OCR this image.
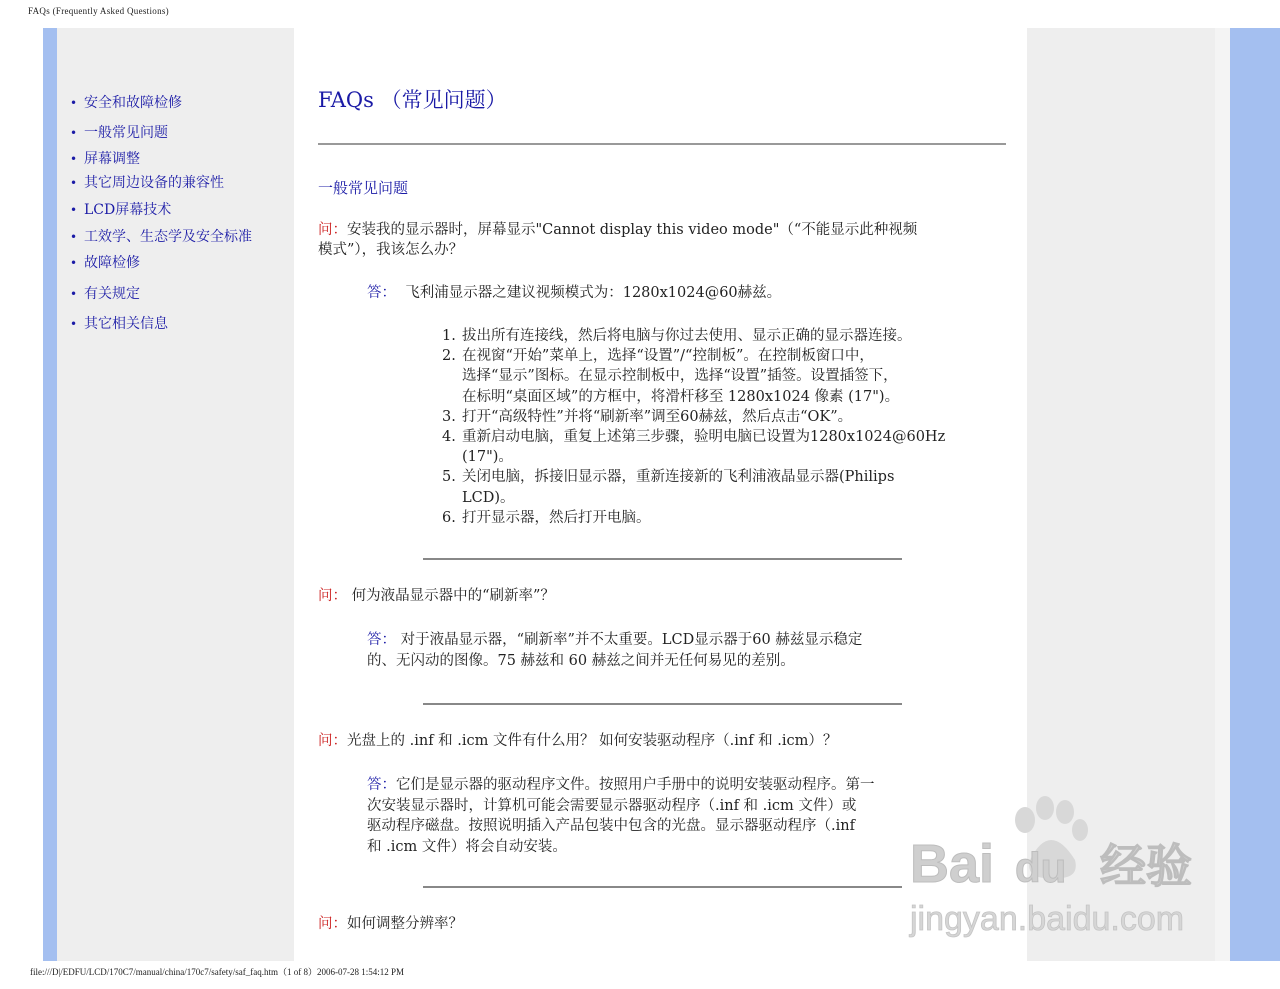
FAQs (Frequently Asked Questions)
• 安全和故障检修
• 一般常见问题
• 屏幕调整
• 其它周边设备的兼容性
• LCD屏幕技术
• 工效学、生态学及安全标准
• 故障检修
• 有关规定
• 其它相关信息
FAQs （常见问题）
一般常见问题
问：安装我的显示器时，屏幕显示"Cannot display this video mode"（“不能显示此种视频
模式”），我该怎么办？
答： 飞利浦显示器之建议视频模式为：1280x1024@60赫兹。
1. 拔出所有连接线，然后将电脑与你过去使用、显示正确的显示器连接。
2. 在视窗“开始”菜单上，选择“设置”/“控制板”。在控制板窗口中，
选择“显示”图标。在显示控制板中，选择“设置”插签。设置插签下，
在标明“桌面区域”的方框中，将滑杆移至 1280x1024 像素 (17")。
3. 打开“高级特性”并将“刷新率”调至60赫兹，然后点击“OK”。
4. 重新启动电脑，重复上述第三步骤，验明电脑已设置为1280x1024@60Hz
(17")。
5. 关闭电脑，拆接旧显示器，重新连接新的飞利浦液晶显示器(Philips
LCD)。
6. 打开显示器，然后打开电脑。
问： 何为液晶显示器中的“刷新率”？
答： 对于液晶显示器，“刷新率”并不太重要。LCD显示器于60 赫兹显示稳定
的、无闪动的图像。75 赫兹和 60 赫兹之间并无任何易见的差别。
问：光盘上的 .inf 和 .icm 文件有什么用？ 如何安装驱动程序（.inf 和 .icm）？
答：它们是显示器的驱动程序文件。按照用户手册中的说明安装驱动程序。第一
次安装显示器时，计算机可能会需要显示器驱动程序（.inf 和 .icm 文件）或
驱动程序磁盘。按照说明插入产品包装中包含的光盘。显示器驱动程序（.inf
和 .icm 文件）将会自动安装。
问：如何调整分辨率？
Bai du 经验
jingyan.baidu.com
file:///D|/EDFU/LCD/170C7/manual/china/170c7/safety/saf_faq.htm（1 of 8）2006-07-28 1:54:12 PM
